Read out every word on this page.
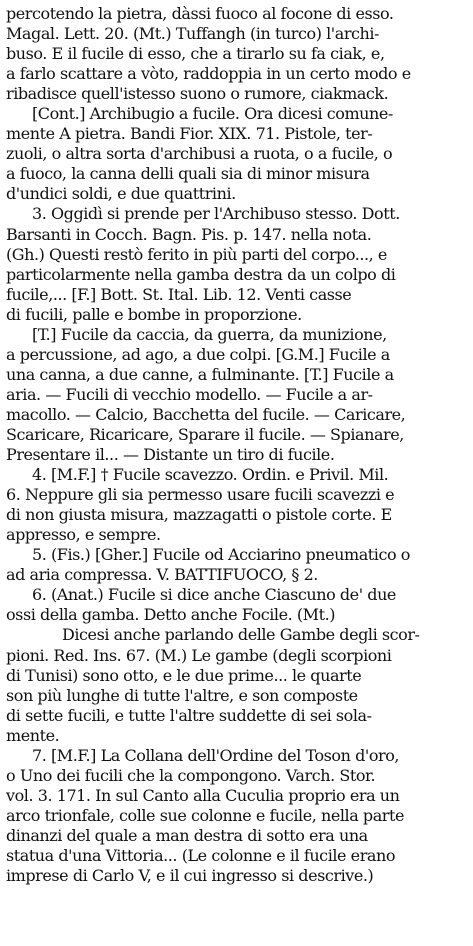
percotendo la pietra, dàssi fuoco al focone di esso.
Magal. Lett. 20. (Mt.) Tuffangh (in turco) l'archi-
buso. E il fucile di esso, che a tirarlo su fa ciak, e,
a farlo scattare a vòto, raddoppia in un certo modo e
ribadisce quell'istesso suono o rumore, ciakmack.
[Cont.] Archibugio a fucile. Ora dicesi comune-
mente A pietra. Bandi Fior. XIX. 71. Pistole, ter-
zuoli, o altra sorta d'archibusi a ruota, o a fucile, o
a fuoco, la canna delli quali sia di minor misura
d'undici soldi, e due quattrini.
3. Oggidì si prende per l'Archibuso stesso. Dott.
Barsanti in Cocch. Bagn. Pis. p. 147. nella nota.
(Gh.) Questi restò ferito in più parti del corpo..., e
particolarmente nella gamba destra da un colpo di
fucile,... [F.] Bott. St. Ital. Lib. 12. Venti casse
di fucili, palle e bombe in proporzione.
[T.] Fucile da caccia, da guerra, da munizione,
a percussione, ad ago, a due colpi. [G.M.] Fucile a
una canna, a due canne, a fulminante. [T.] Fucile a
aria. — Fucili di vecchio modello. — Fucile a ar-
macollo. — Calcio, Bacchetta del fucile. — Caricare,
Scaricare, Ricaricare, Sparare il fucile. — Spianare,
Presentare il... — Distante un tiro di fucile.
4. [M.F.] † Fucile scavezzo. Ordin. e Privil. Mil.
6. Neppure gli sia permesso usare fucili scavezzi e
di non giusta misura, mazzagatti o pistole corte. E
appresso, e sempre.
5. (Fis.) [Gher.] Fucile od Acciarino pneumatico o
ad aria compressa. V. BATTIFUOCO, § 2.
6. (Anat.) Fucile si dice anche Ciascuno de' due
ossi della gamba. Detto anche Focile. (Mt.)
Dicesi anche parlando delle Gambe degli scor-
pioni. Red. Ins. 67. (M.) Le gambe (degli scorpioni
di Tunisi) sono otto, e le due prime... le quarte
son più lunghe di tutte l'altre, e son composte
di sette fucili, e tutte l'altre suddette di sei sola-
mente.
7. [M.F.] La Collana dell'Ordine del Toson d'oro,
o Uno dei fucili che la compongono. Varch. Stor.
vol. 3. 171. In sul Canto alla Cuculia proprio era un
arco trionfale, colle sue colonne e fucile, nella parte
dinanzi del quale a man destra di sotto era una
statua d'una Vittoria... (Le colonne e il fucile erano
imprese di Carlo V, e il cui ingresso si descrive.)
